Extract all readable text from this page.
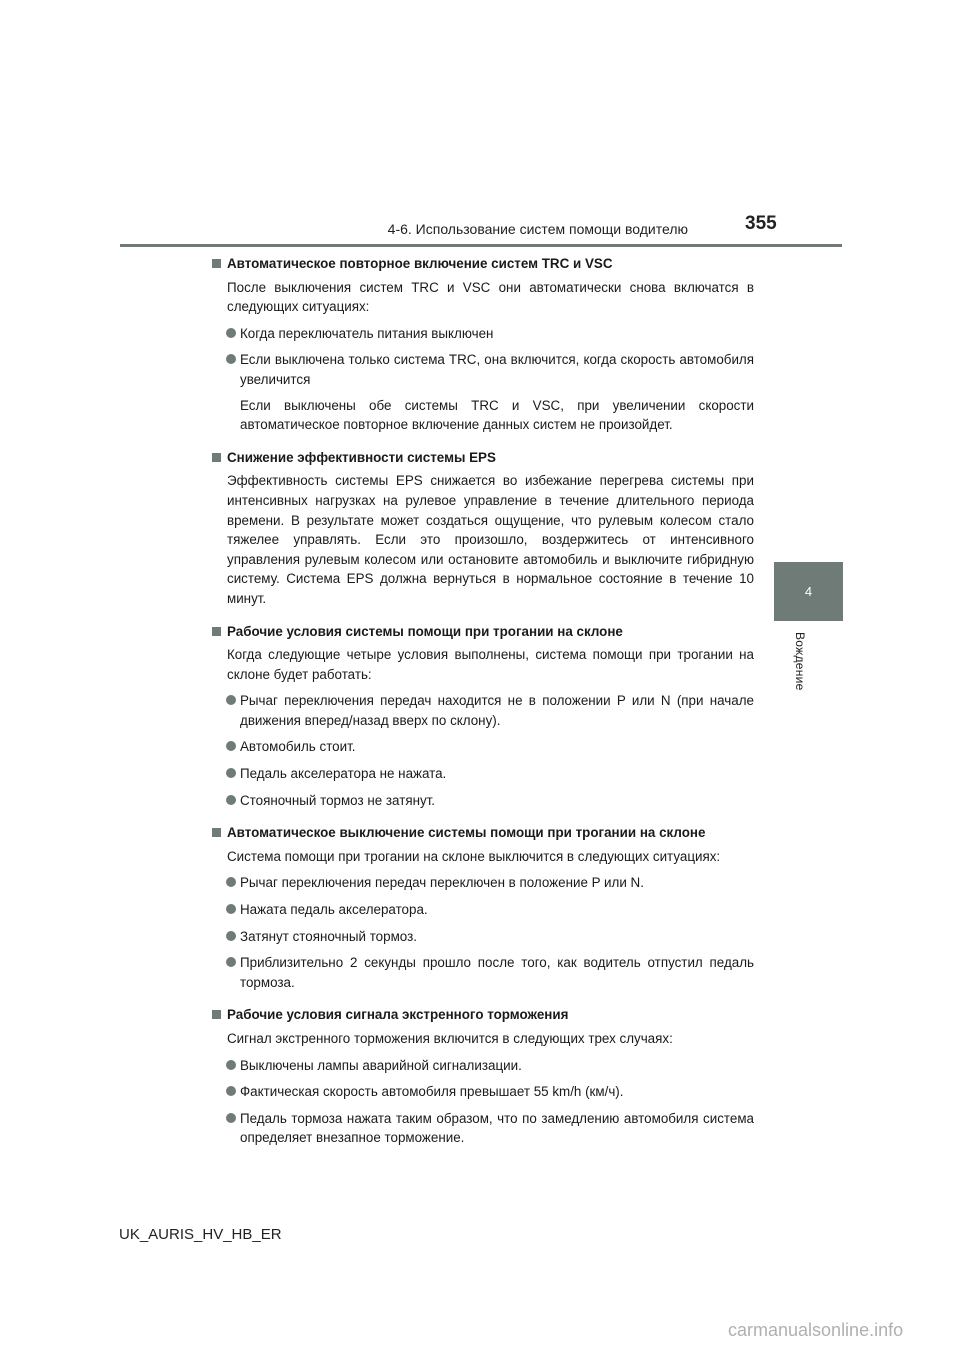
4-6. Использование систем помощи водителю	355
4
Вождение
Автоматическое повторное включение систем TRC и VSC
После выключения систем TRC и VSC они автоматически снова включатся в следующих ситуациях:
Когда переключатель питания выключен
Если выключена только система TRC, она включится, когда скорость автомобиля увеличится
Если выключены обе системы TRC и VSC, при увеличении скорости автоматическое повторное включение данных систем не произойдет.
Снижение эффективности системы EPS
Эффективность системы EPS снижается во избежание перегрева системы при интенсивных нагрузках на рулевое управление в течение длительного периода времени. В результате может создаться ощущение, что рулевым колесом стало тяжелее управлять. Если это произошло, воздержитесь от интенсивного управления рулевым колесом или остановите автомобиль и выключите гибридную систему. Система EPS должна вернуться в нормальное состояние в течение 10 минут.
Рабочие условия системы помощи при трогании на склоне
Когда следующие четыре условия выполнены, система помощи при трогании на склоне будет работать:
Рычаг переключения передач находится не в положении P или N (при начале движения вперед/назад вверх по склону).
Автомобиль стоит.
Педаль акселератора не нажата.
Стояночный тормоз не затянут.
Автоматическое выключение системы помощи при трогании на склоне
Система помощи при трогании на склоне выключится в следующих ситуациях:
Рычаг переключения передач переключен в положение P или N.
Нажата педаль акселератора.
Затянут стояночный тормоз.
Приблизительно 2 секунды прошло после того, как водитель отпустил педаль тормоза.
Рабочие условия сигнала экстренного торможения
Сигнал экстренного торможения включится в следующих трех случаях:
Выключены лампы аварийной сигнализации.
Фактическая скорость автомобиля превышает 55 km/h (км/ч).
Педаль тормоза нажата таким образом, что по замедлению автомобиля система определяет внезапное торможение.
UK_AURIS_HV_HB_ER
carmanualsonline.info
